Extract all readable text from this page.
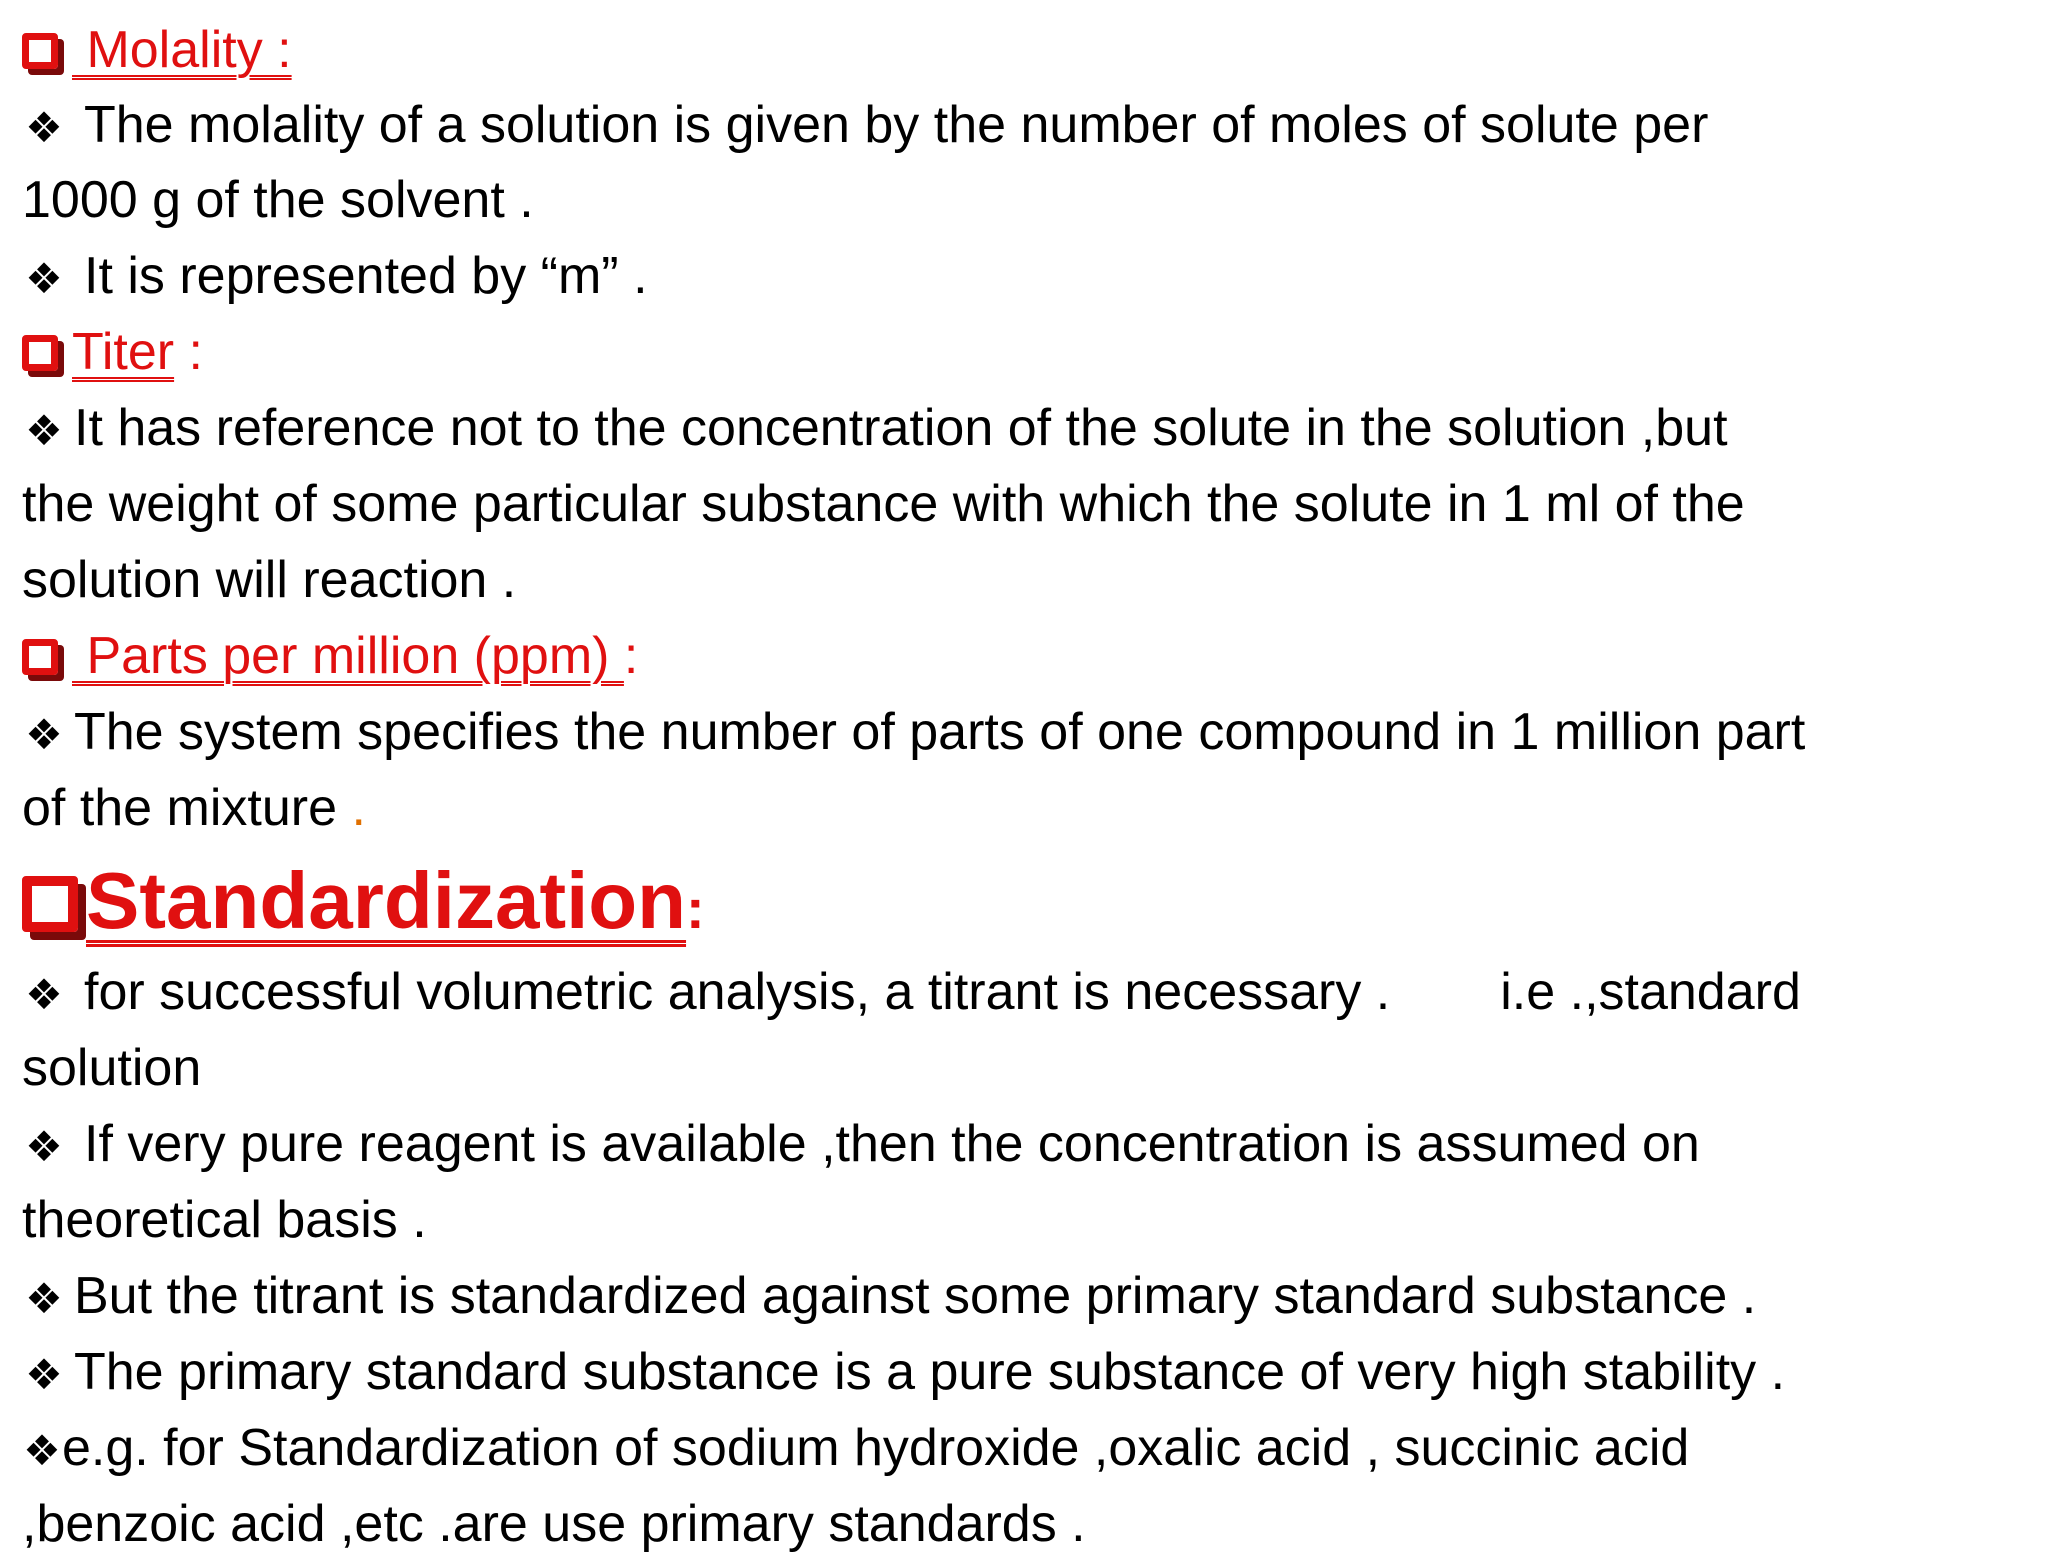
Molality :
❖ The molality of a solution is given by the number of moles of solute per
1000 g of the solvent .
❖ It is represented by “m” .
Titer :
❖ It has reference not to the concentration of the solute in the solution ,but
the weight of some particular substance with which the solute in 1 ml of the
solution will reaction .
Parts per million (ppm) :
❖ The system specifies the number of parts of one compound in 1 million part
of the mixture .
Standardization:
❖ for successful volumetric analysis, a titrant is necessary . i.e .,standard
solution
❖ If very pure reagent is available ,then the concentration is assumed on
theoretical basis .
❖ But the titrant is standardized against some primary standard substance .
❖ The primary standard substance is a pure substance of very high stability .
❖e.g. for Standardization of sodium hydroxide ,oxalic acid , succinic acid
,benzoic acid ,etc .are use primary standards .
